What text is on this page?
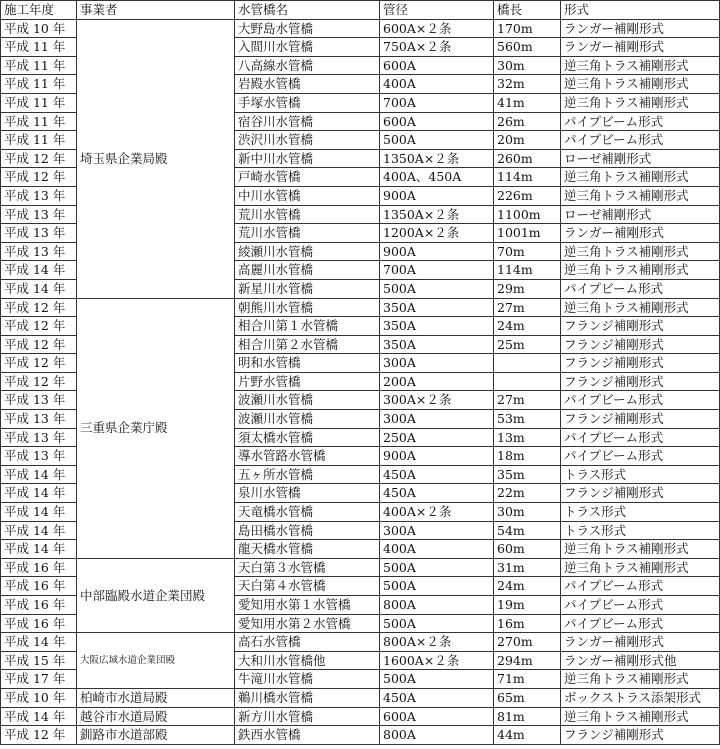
施工年度	事業者	水管橋名	管径	橋長	形式
平成 10 年	埼玉県企業局殿	大野島水管橋	600A×２条	170m	ランガー補剛形式
平成 11 年		入間川水管橋	750A×２条	560m	ランガー補剛形式
平成 11 年		八高線水管橋	600A	30m	逆三角トラス補剛形式
平成 11 年		岩殿水管橋	400A	32m	逆三角トラス補剛形式
平成 11 年		手塚水管橋	700A	41m	逆三角トラス補剛形式
平成 11 年		宿谷川水管橋	600A	26m	パイプビーム形式
平成 11 年		渋沢川水管橋	500A	20m	パイプビーム形式
平成 12 年		新中川水管橋	1350A×２条	260m	ローゼ補剛形式
平成 12 年		戸崎水管橋	400A、450A	114m	逆三角トラス補剛形式
平成 13 年		中川水管橋	900A	226m	逆三角トラス補剛形式
平成 13 年		荒川水管橋	1350A×２条	1100m	ローゼ補剛形式
平成 13 年		荒川水管橋	1200A×２条	1001m	ランガー補剛形式
平成 13 年		綾瀬川水管橋	900A	70m	逆三角トラス補剛形式
平成 14 年		高麗川水管橋	700A	114m	逆三角トラス補剛形式
平成 14 年		新星川水管橋	500A	29m	パイプビーム形式
平成 12 年	三重県企業庁殿	朝熊川水管橋	350A	27m	逆三角トラス補剛形式
平成 12 年		相合川第１水管橋	350A	24m	フランジ補剛形式
平成 12 年		相合川第２水管橋	350A	25m	フランジ補剛形式
平成 12 年		明和水管橋	300A		フランジ補剛形式
平成 12 年		片野水管橋	200A		フランジ補剛形式
平成 13 年		波瀬川水管橋	300A×２条	27m	パイプビーム形式
平成 13 年		波瀬川水管橋	300A	53m	フランジ補剛形式
平成 13 年		須太橋水管橋	250A	13m	パイプビーム形式
平成 13 年		導水管路水管橋	900A	18m	パイプビーム形式
平成 14 年		五ヶ所水管橋	450A	35m	トラス形式
平成 14 年		泉川水管橋	450A	22m	フランジ補剛形式
平成 14 年		天竜橋水管橋	400A×２条	30m	トラス形式
平成 14 年		島田橋水管橋	300A	54m	トラス形式
平成 14 年		龍天橋水管橋	400A	60m	逆三角トラス補剛形式
平成 16 年	中部臨殿水道企業団殿	天白第３水管橋	500A	31m	逆三角トラス補剛形式
平成 16 年		天白第４水管橋	500A	24m	パイプビーム形式
平成 16 年		愛知用水第１水管橋	800A	19m	パイプビーム形式
平成 16 年		愛知用水第２水管橋	500A	16m	パイプビーム形式
平成 14 年	大阪広域水道企業団殿	高石水管橋	800A×２条	270m	ランガー補剛形式
平成 15 年		大和川水管橋他	1600A×２条	294m	ランガー補剛形式他
平成 17 年		牛滝川水管橋	500A	71m	逆三角トラス補剛形式
平成 10 年	柏崎市水道局殿	鵜川橋水管橋	450A	65m	ボックストラス添架形式
平成 14 年	越谷市水道局殿	新方川水管橋	600A	81m	逆三角トラス補剛形式
平成 12 年	釧路市水道部殿	鉄西水管橋	800A	44m	フランジ補剛形式
